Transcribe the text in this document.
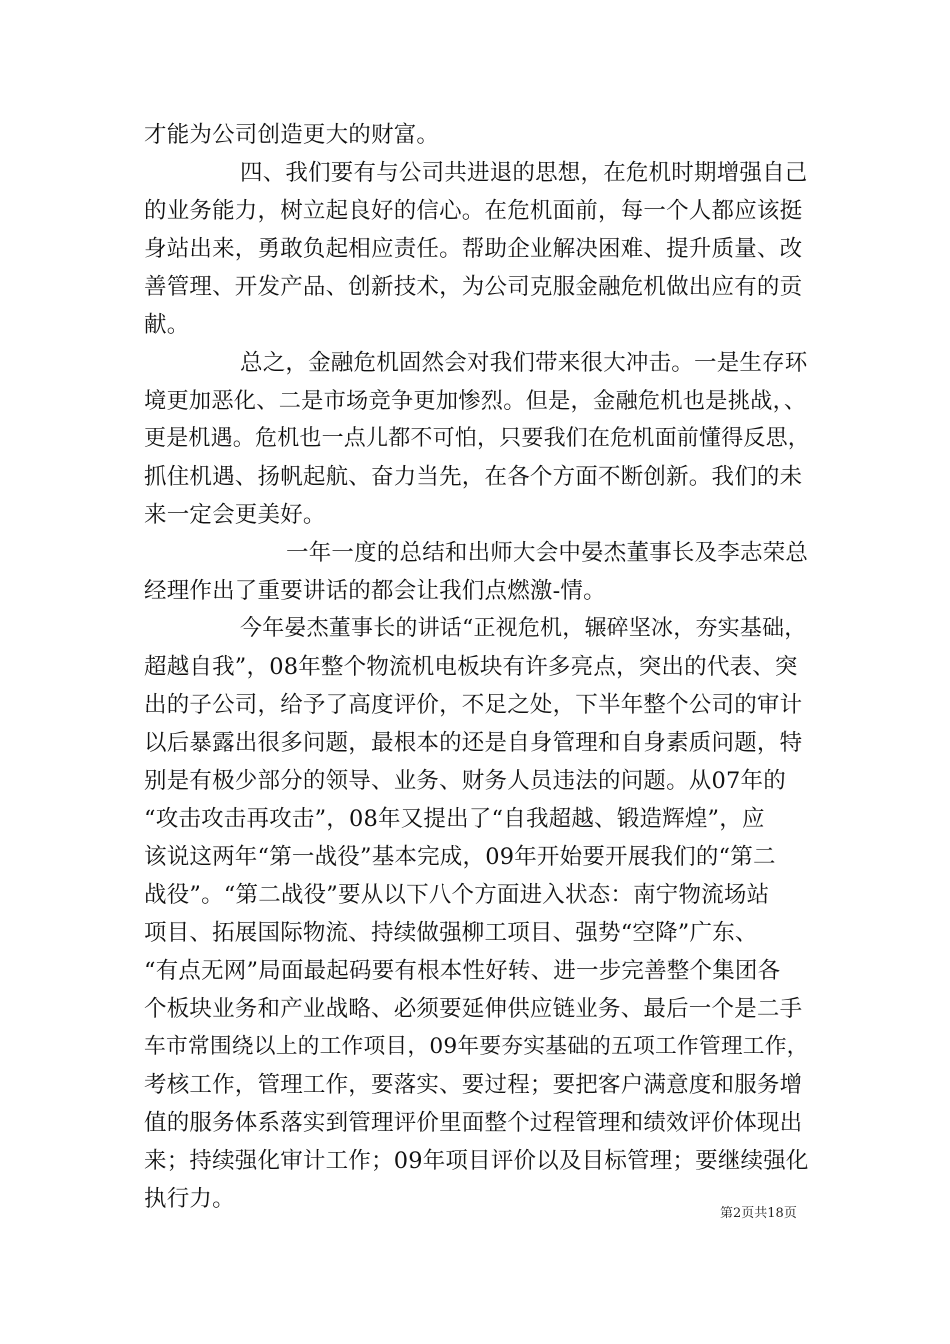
才能为公司创造更大的财富。
四、我们要有与公司共进退的思想，在危机时期增强自己
的业务能力，树立起良好的信心。在危机面前，每一个人都应该挺
身站出来，勇敢负起相应责任。帮助企业解决困难、提升质量、改
善管理、开发产品、创新技术，为公司克服金融危机做出应有的贡
献。
总之，金融危机固然会对我们带来很大冲击。一是生存环
境更加恶化、二是市场竞争更加惨烈。但是，金融危机也是挑战，、
更是机遇。危机也一点儿都不可怕，只要我们在危机面前懂得反思，
抓住机遇、扬帆起航、奋力当先，在各个方面不断创新。我们的未
来一定会更美好。
一年一度的总结和出师大会中晏杰董事长及李志荣总
经理作出了重要讲话的都会让我们点燃激-情。
今年晏杰董事长的讲话“正视危机，辗碎坚冰，夯实基础，
超越自我”，08年整个物流机电板块有许多亮点，突出的代表、突
出的子公司，给予了高度评价，不足之处，下半年整个公司的审计
以后暴露出很多问题，最根本的还是自身管理和自身素质问题，特
别是有极少部分的领导、业务、财务人员违法的问题。从07年的
“攻击攻击再攻击”，08年又提出了“自我超越、锻造辉煌”，应
该说这两年“第一战役”基本完成，09年开始要开展我们的“第二
战役”。“第二战役”要从以下八个方面进入状态：南宁物流场站
项目、拓展国际物流、持续做强柳工项目、强势“空降”广东、
“有点无网”局面最起码要有根本性好转、进一步完善整个集团各
个板块业务和产业战略、必须要延伸供应链业务、最后一个是二手
车市常围绕以上的工作项目，09年要夯实基础的五项工作管理工作，
考核工作，管理工作，要落实、要过程；要把客户满意度和服务增
值的服务体系落实到管理评价里面整个过程管理和绩效评价体现出
来；持续强化审计工作；09年项目评价以及目标管理；要继续强化
执行力。
第2页共18页
